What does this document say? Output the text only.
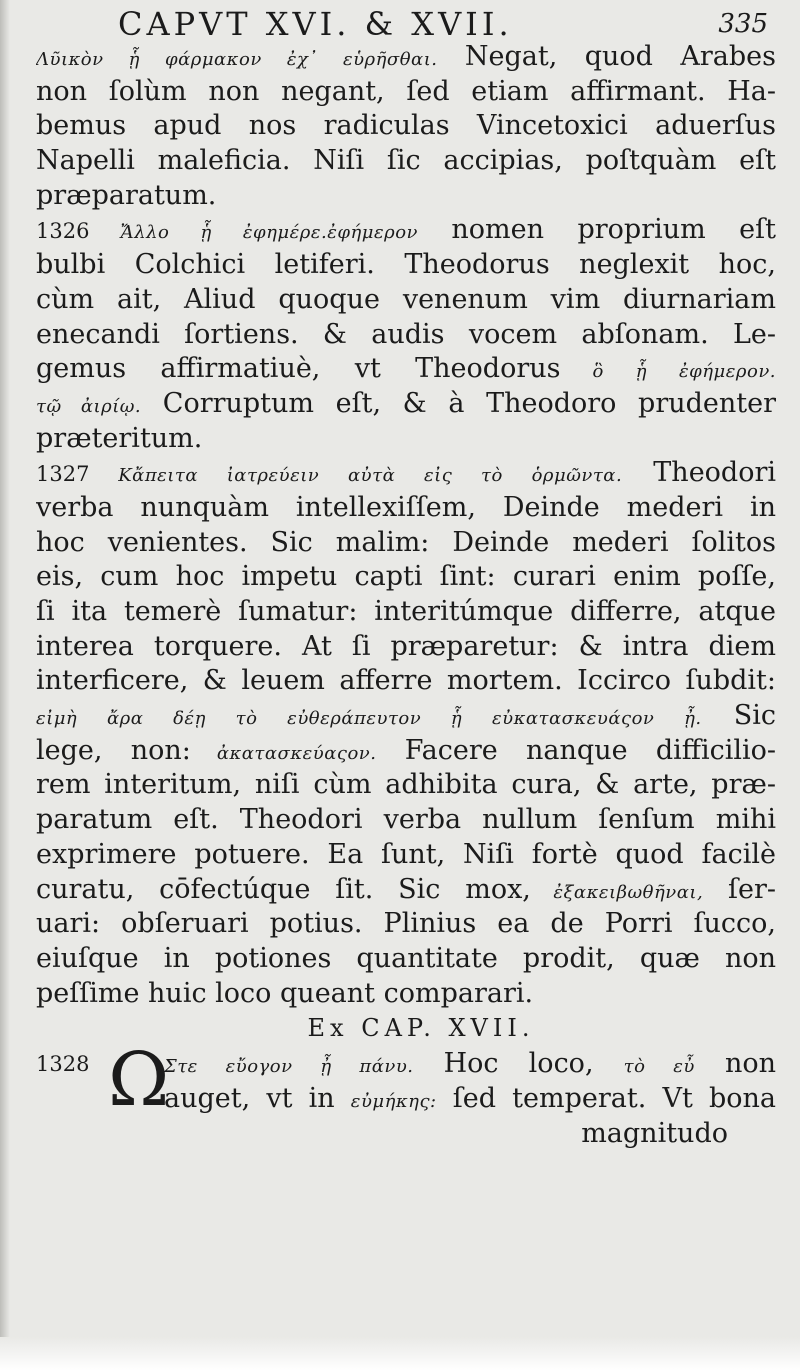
CAPVT XVI. & XVII.	335
Λῦικὸν ᾗ φάρμακον ἐχ᾽ εὑρῆσθαι. Negat, quod Arabes
non ſolùm non negant, ſed etiam affirmant. Ha-
bemus apud nos radiculas Vincetoxici aduerſus
Napelli maleficia. Niſi ſic accipias, poſtquàm eſt
præparatum.
1326 Ἄλλο ᾗ ἐφημέρε.ἐφήμερον nomen proprium eſt
bulbi Colchici letiferi. Theodorus neglexit hoc,
cùm ait, Aliud quoque venenum vim diurnariam
enecandi ſortiens. & audis vocem abſonam. Le-
gemus affirmatiuè, vt Theodorus ὃ ᾗ ἐφήμερον.
τῷ ἀιρίῳ. Corruptum eſt, & à Theodoro prudenter
præteritum.
1327 Κἄπειτα ἰατρεύειν αὐτὰ εἰς τὸ ὁρμῶντα. Theodori
verba nunquàm intellexiſſem, Deinde mederi in
hoc venientes. Sic malim: Deinde mederi ſolitos
eis, cum hoc impetu capti ſint: curari enim poſſe,
ſi ita temerè ſumatur: interitúmque differre, atque
interea torquere. At ſi præparetur: & intra diem
interficere, & leuem afferre mortem. Iccirco ſubdit:
εἰμὴ ἄρα δέῃ τὸ εὐθεράπευτον ᾗ εὐκατασκευάςον ᾖ. Sic
lege, non: ἀκατασκεύαςον. Facere nanque difficilio-
rem interitum, niſi cùm adhibita cura, & arte, præ-
paratum eſt. Theodori verba nullum ſenſum mihi
exprimere potuere. Ea ſunt, Niſi fortè quod facilè
curatu, cōfectúque ſit. Sic mox, ἐξακειβωθῆναι, ſer-
uari: obſeruari potius. Plinius ea de Porri ſucco,
eiuſque in potiones quantitate prodit, quæ non
peſſime huic loco queant comparari.
Ex CAP. XVII.
1328 Ω
Στε εὔογον ᾖ πάνυ. Hoc loco, τὸ εὖ non
auget, vt in εὐμήκης: ſed temperat. Vt bona
magnitudo
